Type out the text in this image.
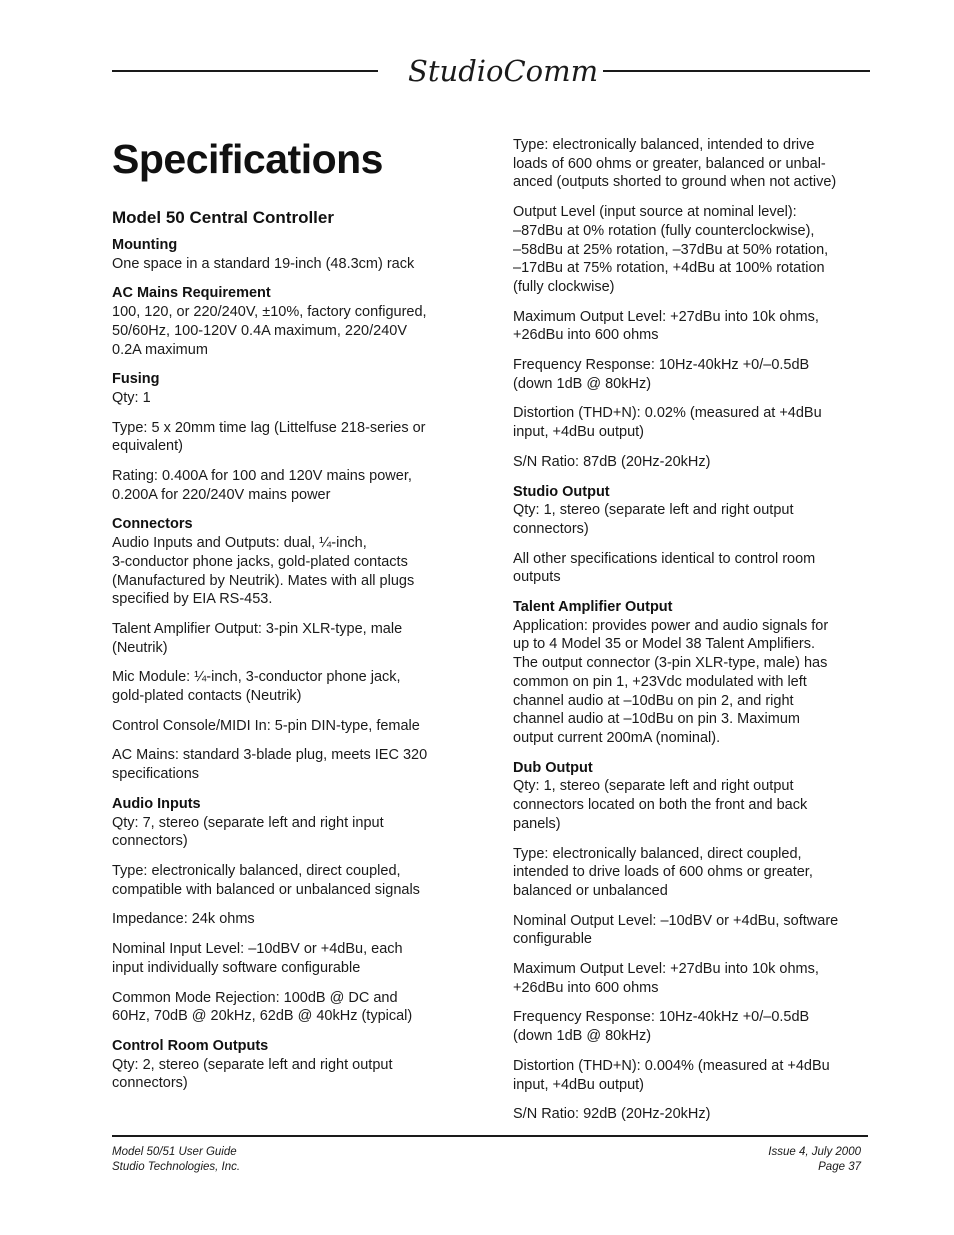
StudioComm
Specifications
Model 50 Central Controller
Mounting
One space in a standard 19-inch (48.3cm) rack
AC Mains Requirement
100, 120, or 220/240V, ±10%, factory configured,
50/60Hz, 100-120V 0.4A maximum, 220/240V
0.2A maximum
Fusing
Qty: 1
Type: 5 x 20mm time lag (Littelfuse 218-series or
equivalent)
Rating: 0.400A for 100 and 120V mains power,
0.200A for 220/240V mains power
Connectors
Audio Inputs and Outputs: dual, ¼-inch,
3-conductor phone jacks, gold-plated contacts
(Manufactured by Neutrik). Mates with all plugs
specified by EIA RS-453.
Talent Amplifier Output: 3-pin XLR-type, male
(Neutrik)
Mic Module: ¼-inch, 3-conductor phone jack,
gold-plated contacts (Neutrik)
Control Console/MIDI In: 5-pin DIN-type, female
AC Mains: standard 3-blade plug, meets IEC 320
specifications
Audio Inputs
Qty: 7, stereo (separate left and right input
connectors)
Type: electronically balanced, direct coupled,
compatible with balanced or unbalanced signals
Impedance: 24k ohms
Nominal Input Level: –10dBV or +4dBu, each
input individually software configurable
Common Mode Rejection: 100dB @ DC and
60Hz, 70dB @ 20kHz, 62dB @ 40kHz (typical)
Control Room Outputs
Qty: 2, stereo (separate left and right output
connectors)
Type: electronically balanced, intended to drive
loads of 600 ohms or greater, balanced or unbal-
anced (outputs shorted to ground when not active)
Output Level (input source at nominal level):
–87dBu at 0% rotation (fully counterclockwise),
–58dBu at 25% rotation, –37dBu at 50% rotation,
–17dBu at 75% rotation, +4dBu at 100% rotation
(fully clockwise)
Maximum Output Level: +27dBu into 10k ohms,
+26dBu into 600 ohms
Frequency Response: 10Hz-40kHz +0/–0.5dB
(down 1dB @ 80kHz)
Distortion (THD+N): 0.02% (measured at +4dBu
input, +4dBu output)
S/N Ratio: 87dB (20Hz-20kHz)
Studio Output
Qty: 1, stereo (separate left and right output
connectors)
All other specifications identical to control room
outputs
Talent Amplifier Output
Application: provides power and audio signals for
up to 4 Model 35 or Model 38 Talent Amplifiers.
The output connector (3-pin XLR-type, male) has
common on pin 1, +23Vdc modulated with left
channel audio at –10dBu on pin 2, and right
channel audio at –10dBu on pin 3. Maximum
output current 200mA (nominal).
Dub Output
Qty: 1, stereo (separate left and right output
connectors located on both the front and back
panels)
Type: electronically balanced, direct coupled,
intended to drive loads of 600 ohms or greater,
balanced or unbalanced
Nominal Output Level: –10dBV or +4dBu, software
configurable
Maximum Output Level: +27dBu into 10k ohms,
+26dBu into 600 ohms
Frequency Response: 10Hz-40kHz +0/–0.5dB
(down 1dB @ 80kHz)
Distortion (THD+N): 0.004% (measured at +4dBu
input, +4dBu output)
S/N Ratio: 92dB (20Hz-20kHz)
Model 50/51 User Guide
Studio Technologies, Inc.
Issue 4, July 2000
Page 37
